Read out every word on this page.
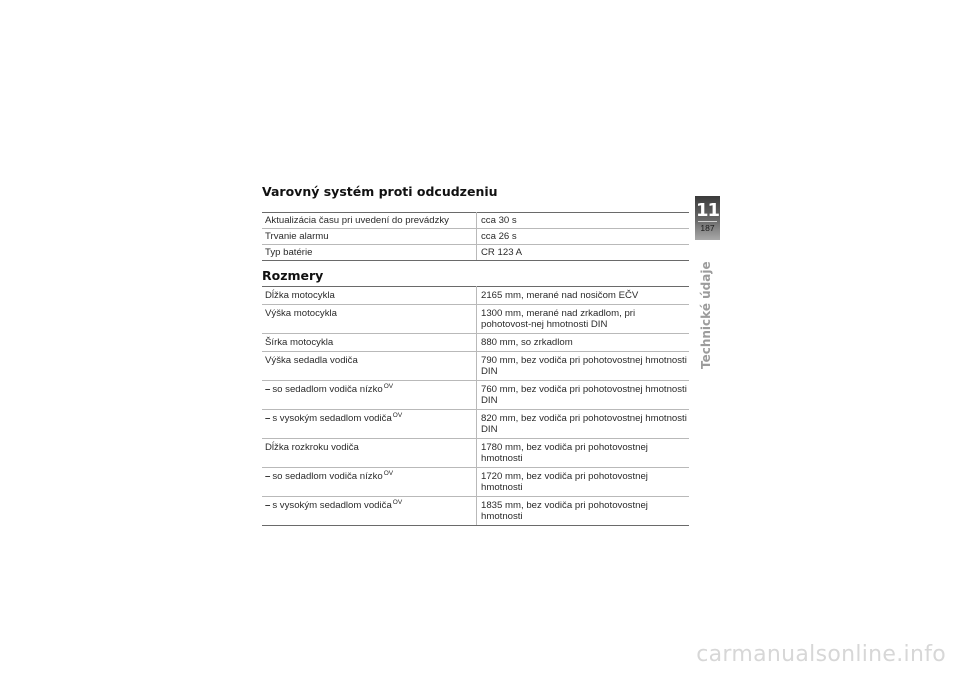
Varovný systém proti odcudzeniu
Aktualizácia času pri uvedení do prevádzky	cca 30 s
Trvanie alarmu	cca 26 s
Typ batérie	CR 123 A
Rozmery
Dĺžka motocykla	2165 mm, merané nad nosičom EČV
Výška motocykla	1300 mm, merané nad zrkadlom, pri pohotovost-nej hmotnosti DIN
Šírka motocykla	880 mm, so zrkadlom
Výška sedadla vodiča	790 mm, bez vodiča pri pohotovostnej hmotnosti DIN
– so sedadlom vodiča nízko$^{OV}$	760 mm, bez vodiča pri pohotovostnej hmotnosti DIN
– s vysokým sedadlom vodiča$^{OV}$	820 mm, bez vodiča pri pohotovostnej hmotnosti DIN
Dĺžka rozkroku vodiča	1780 mm, bez vodiča pri pohotovostnej hmotnosti
– so sedadlom vodiča nízko$^{OV}$	1720 mm, bez vodiča pri pohotovostnej hmotnosti
– s vysokým sedadlom vodiča$^{OV}$	1835 mm, bez vodiča pri pohotovostnej hmotnosti
11
187
Technické údaje
carmanualsonline.info
